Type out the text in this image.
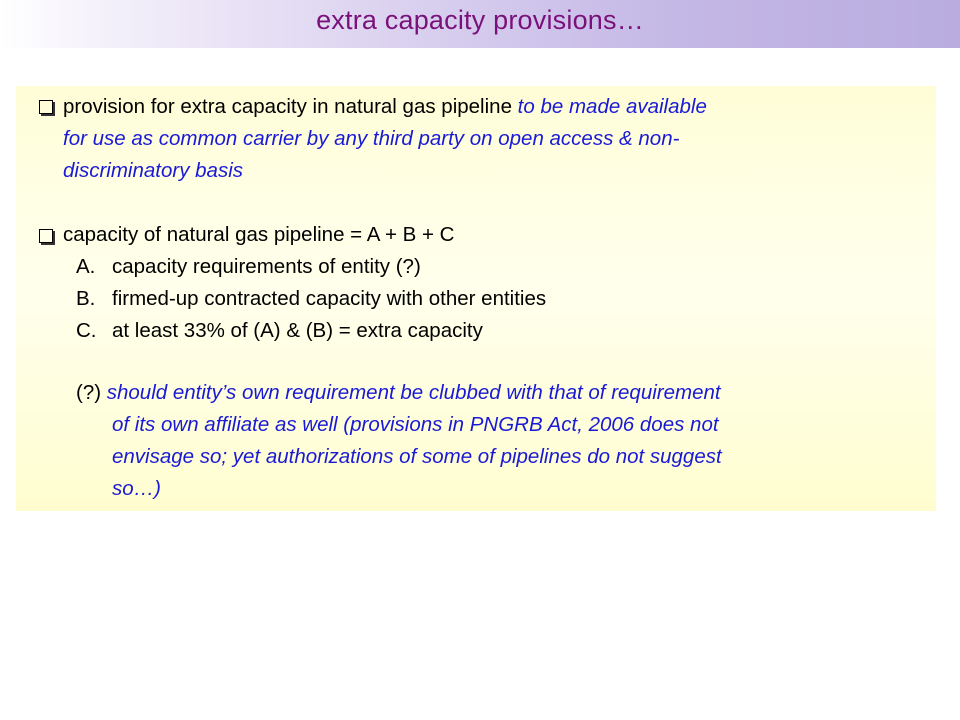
extra capacity provisions…
provision for extra capacity in natural gas pipeline to be made available
for use as common carrier by any third party on open access & non-
discriminatory basis
capacity of natural gas pipeline = A + B + C
A. capacity requirements of entity (?)
B. firmed-up contracted capacity with other entities
C. at least 33% of (A) & (B) = extra capacity
(?) should entity’s own requirement be clubbed with that of requirement
of its own affiliate as well (provisions in PNGRB Act, 2006 does not
envisage so; yet authorizations of some of pipelines do not suggest
so…)
